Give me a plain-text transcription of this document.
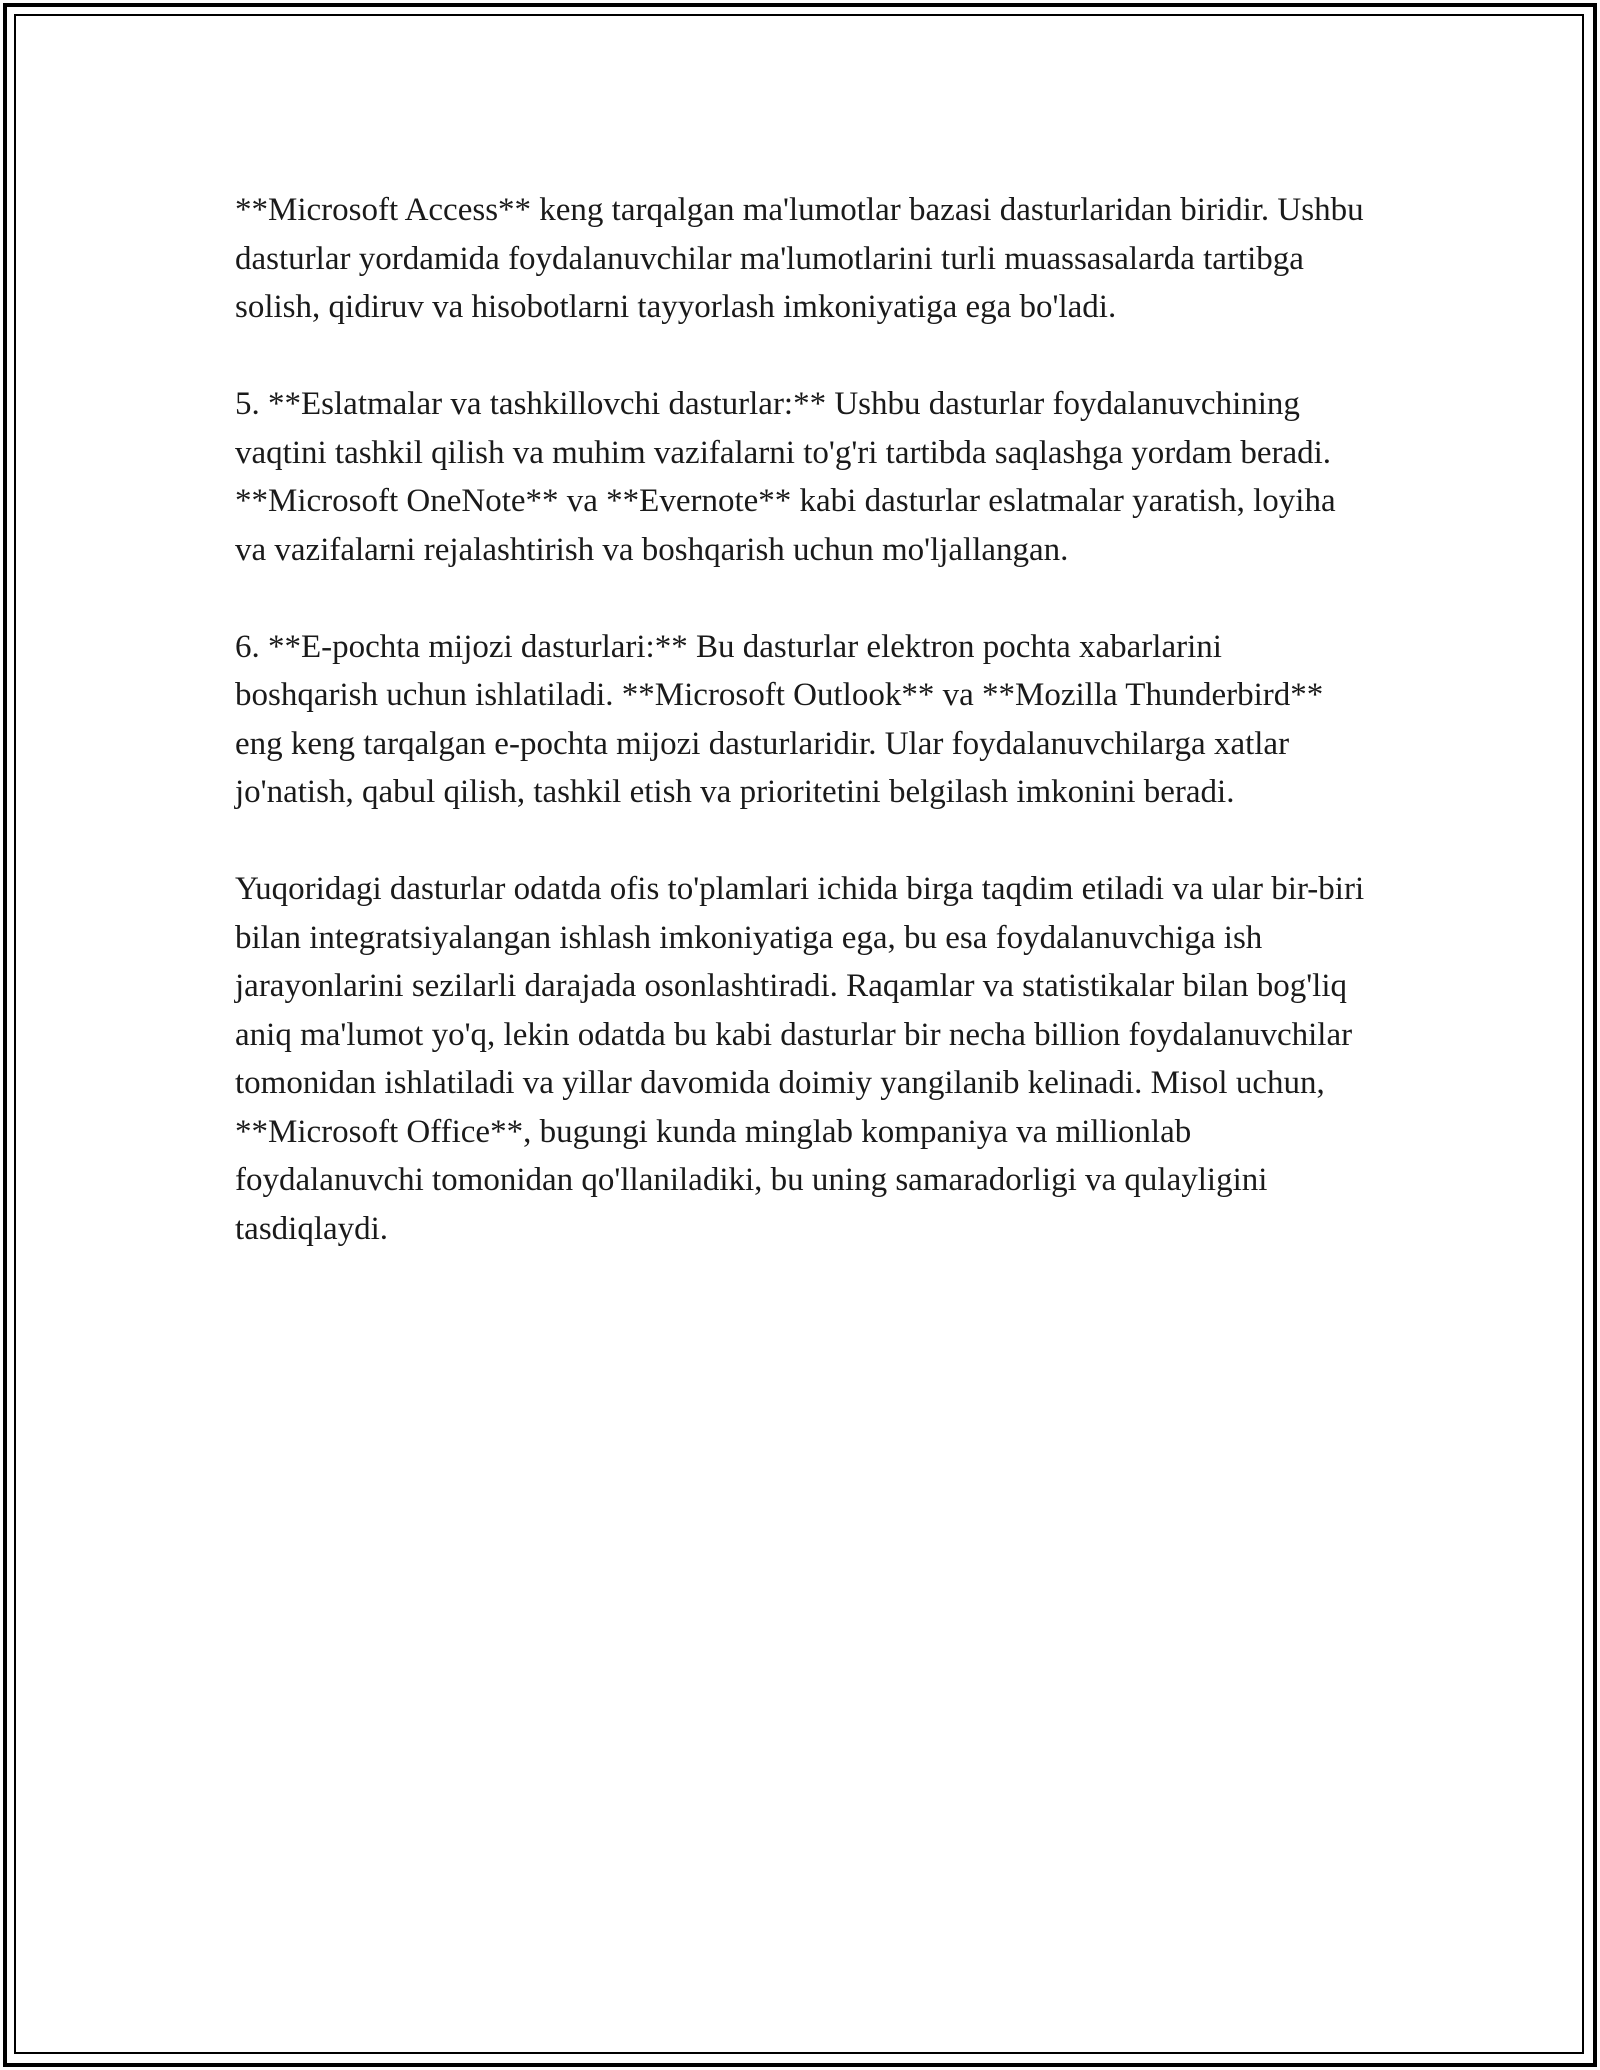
**Microsoft Access** keng tarqalgan ma'lumotlar bazasi dasturlaridan biridir. Ushbu dasturlar yordamida foydalanuvchilar ma'lumotlarini turli muassasalarda tartibga solish, qidiruv va hisobotlarni tayyorlash imkoniyatiga ega bo'ladi.

5. **Eslatmalar va tashkillovchi dasturlar:** Ushbu dasturlar foydalanuvchining vaqtini tashkil qilish va muhim vazifalarni to'g'ri tartibda saqlashga yordam beradi. **Microsoft OneNote** va **Evernote** kabi dasturlar eslatmalar yaratish, loyiha va vazifalarni rejalashtirish va boshqarish uchun mo'ljallangan.

6. **E-pochta mijozi dasturlari:** Bu dasturlar elektron pochta xabarlarini boshqarish uchun ishlatiladi. **Microsoft Outlook** va **Mozilla Thunderbird** eng keng tarqalgan e-pochta mijozi dasturlaridir. Ular foydalanuvchilarga xatlar jo'natish, qabul qilish, tashkil etish va prioritetini belgilash imkonini beradi.

Yuqoridagi dasturlar odatda ofis to'plamlari ichida birga taqdim etiladi va ular bir-biri bilan integratsiyalangan ishlash imkoniyatiga ega, bu esa foydalanuvchiga ish jarayonlarini sezilarli darajada osonlashtiradi. Raqamlar va statistikalar bilan bog'liq aniq ma'lumot yo'q, lekin odatda bu kabi dasturlar bir necha billion foydalanuvchilar tomonidan ishlatiladi va yillar davomida doimiy yangilanib kelinadi. Misol uchun, **Microsoft Office**, bugungi kunda minglab kompaniya va millionlab foydalanuvchi tomonidan qo'llaniladiki, bu uning samaradorligi va qulayligini tasdiqlaydi.
